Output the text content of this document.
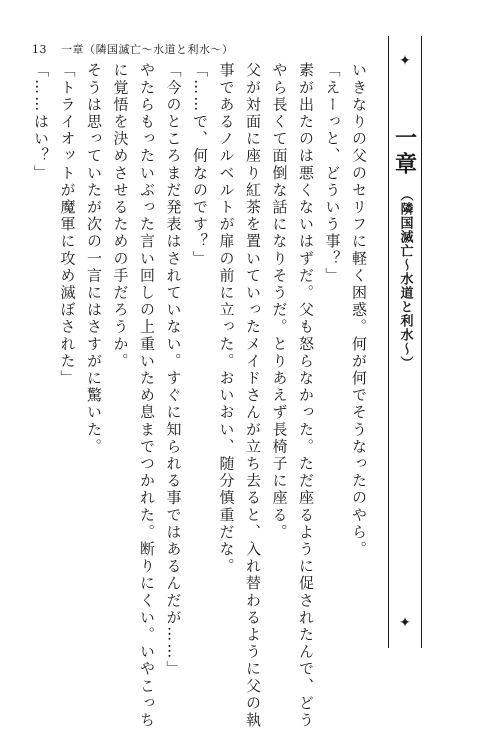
13 一章（隣国滅亡～水道と利水～）

いきなりの父のセリフに軽く困惑。何が何でそうなったのやら。

「えーっと、どういう事？」

素が出たのは悪くないはずだ。父も怒らなかった。ただ座るように促されたんで、どう

やら長くて面倒な話になりそうだ。とりあえず長椅子に座る。

父が対面に座り紅茶を置いていったメイドさんが立ち去ると、入れ替わるように父の執

事であるノルベルトが扉の前に立った。おいおい、随分慎重だな。

「……で、何なのです？」

「今のところまだ発表はされていない。すぐに知られる事ではあるんだが……」

やたらもったいぶった言い回しの上重いため息までつかれた。断りにくい。いやこっち

に覚悟を決めさせるための手だろうか。

そうは思っていたが次の一言にはさすがに驚いた。

「トライオットが魔軍に攻め滅ぼされた」

「……はい？」

✦
一章
（隣国滅亡～水道と利水～）
✦
